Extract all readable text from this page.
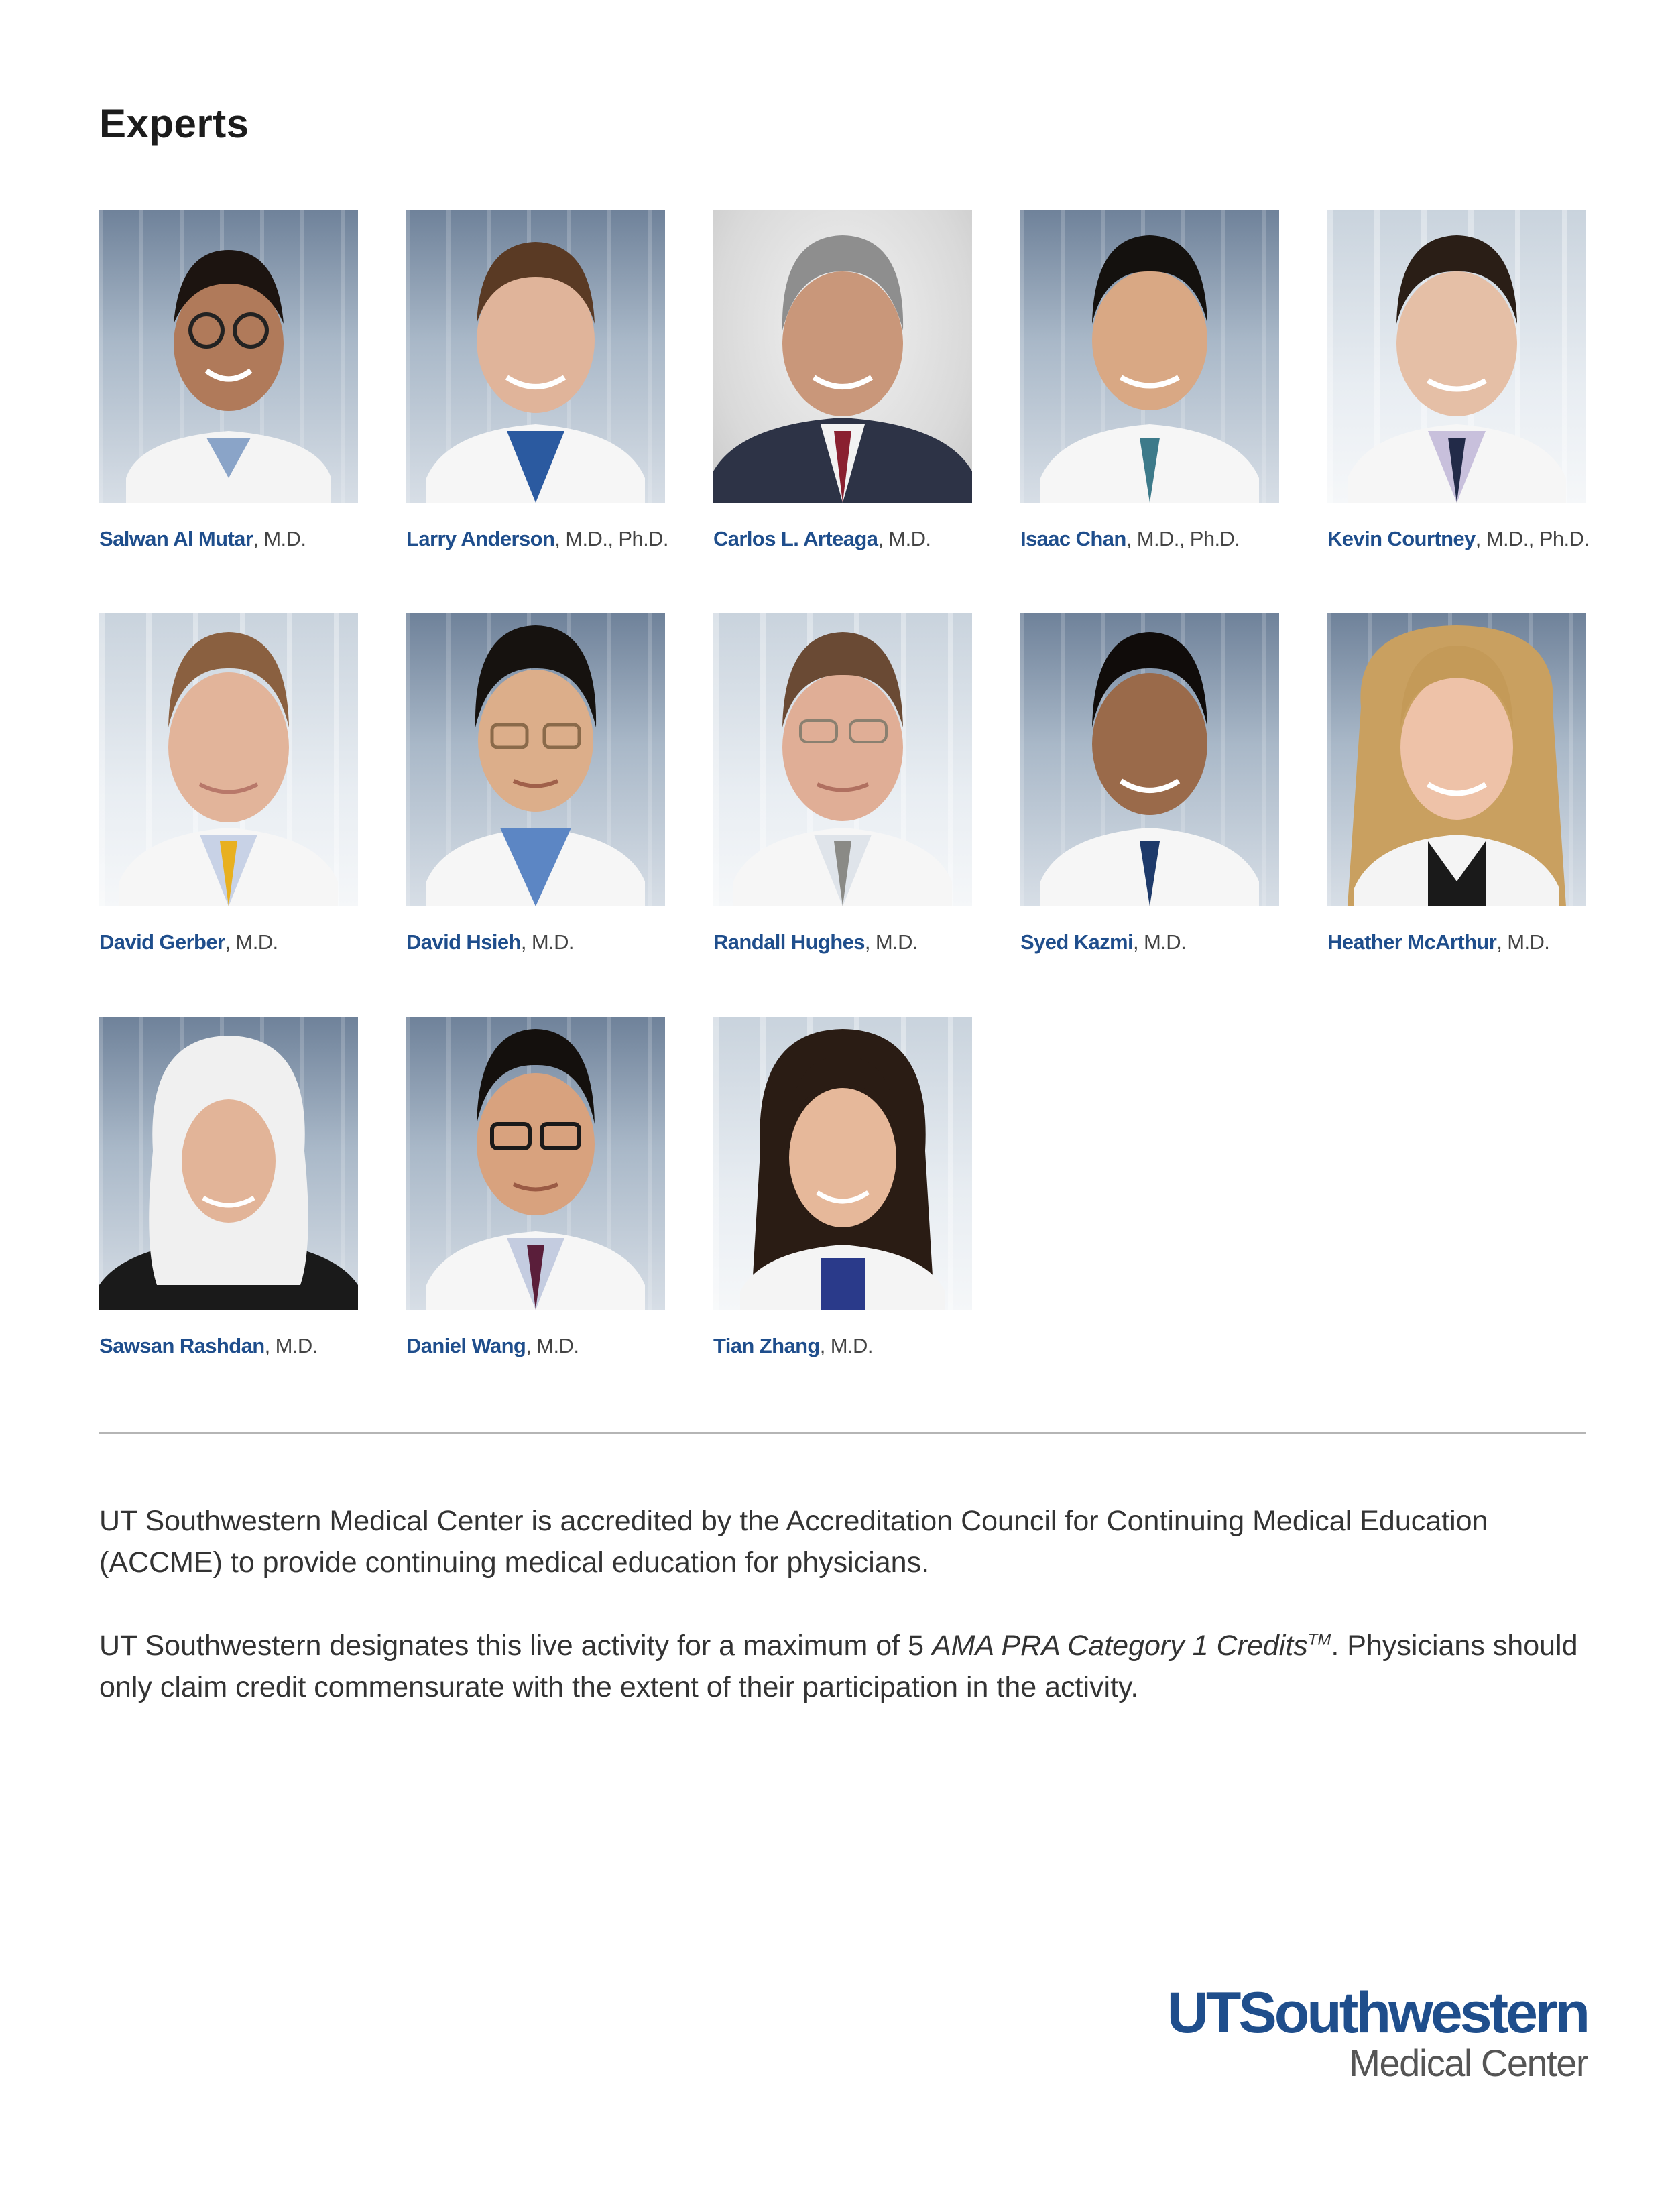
Experts
Salwan Al Mutar, M.D.	Larry Anderson, M.D., Ph.D. Carlos L. Arteaga, M.D.	Isaac Chan, M.D., Ph.D.	Kevin Courtney, M.D., Ph.D.
David Gerber, M.D.	David Hsieh, M.D.	Randall Hughes, M.D.	Syed Kazmi, M.D.	Heather McArthur, M.D.
Sawsan Rashdan, M.D.	Daniel Wang, M.D.	Tian Zhang, M.D.

UT Southwestern Medical Center is accredited by the Accreditation Council for Continuing Medical Education (ACCME) to provide continuing medical education for physicians.

UT Southwestern designates this live activity for a maximum of 5 AMA PRA Category 1 Credits™. Physicians should only claim credit commensurate with the extent of their participation in the activity.

UTSouthwestern
Medical Center
